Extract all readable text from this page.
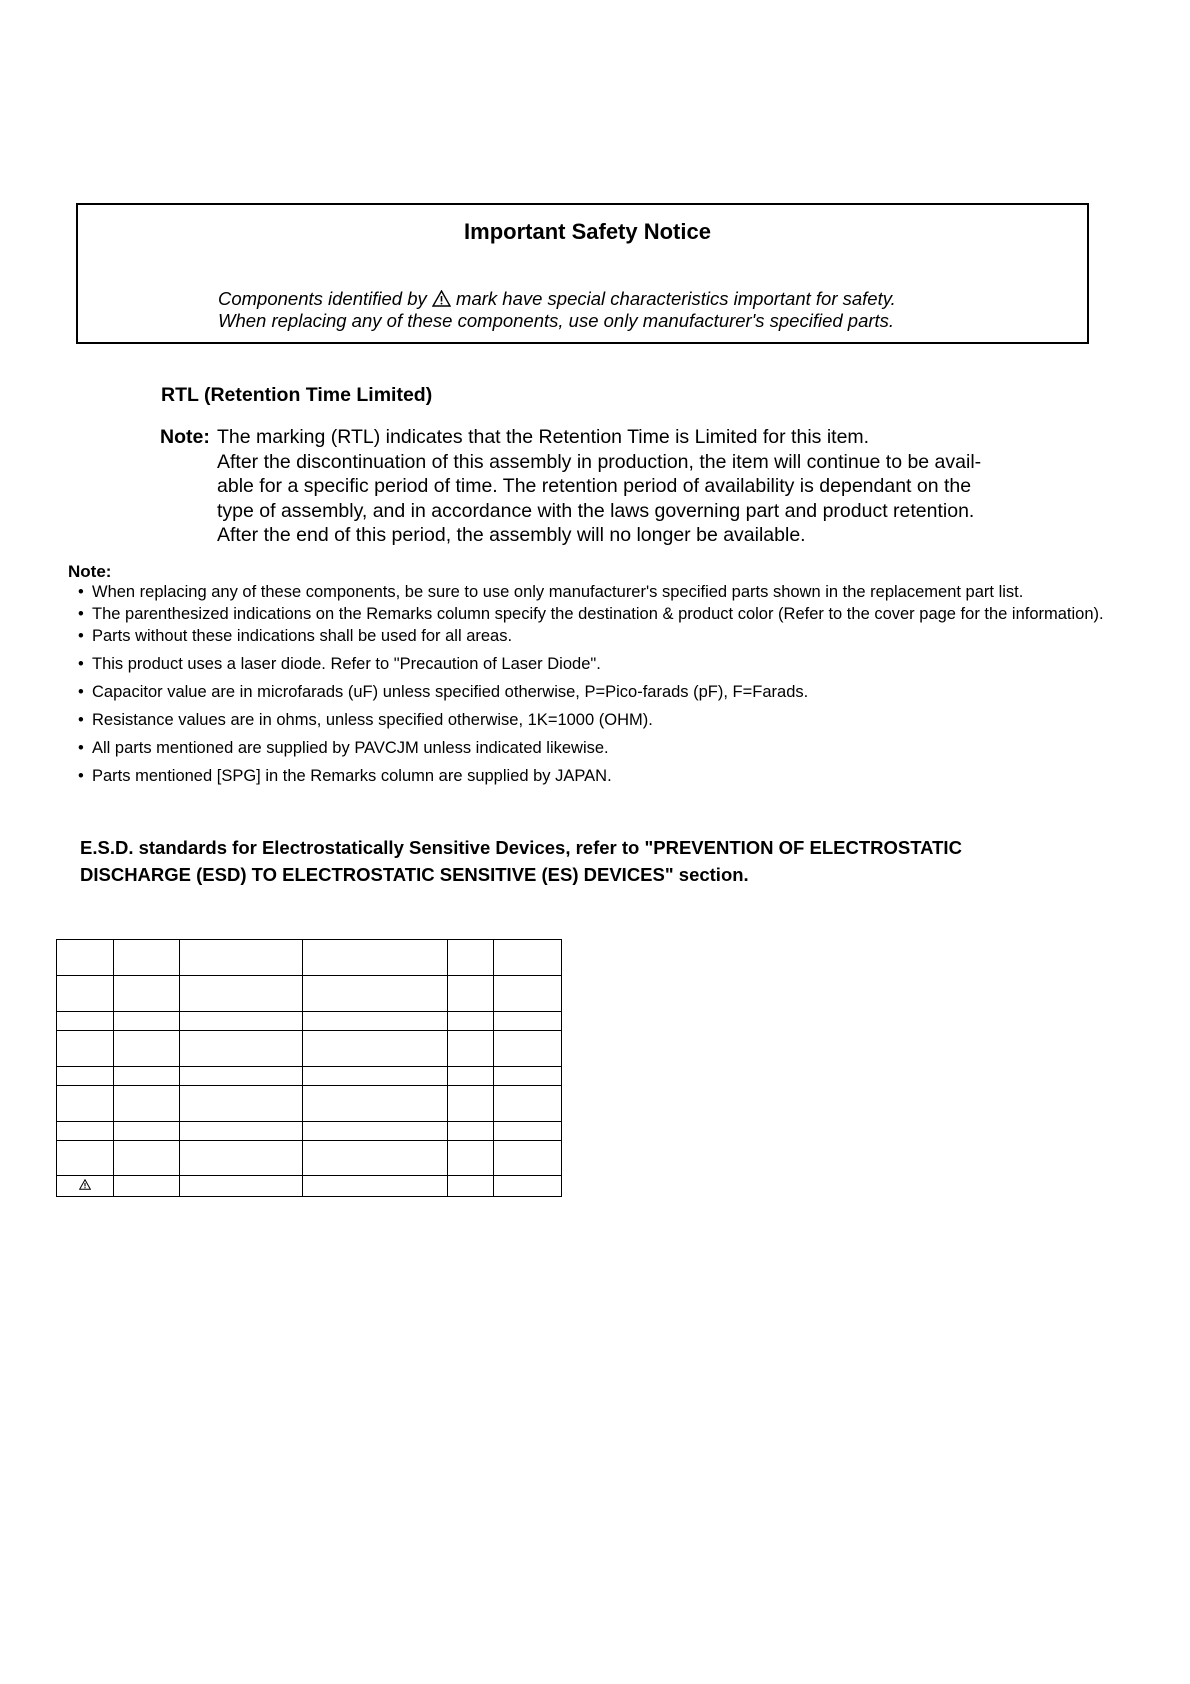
Important Safety Notice
Components identified by  mark have special characteristics important for safety.
When replacing any of these components, use only manufacturer's specified parts.
RTL (Retention Time Limited)
Note: The marking (RTL) indicates that the Retention Time is Limited for this item.
After the discontinuation of this assembly in production, the item will continue to be avail-
able for a specific period of time. The retention period of availability is dependant on the
type of assembly, and in accordance with the laws governing part and product retention.
After the end of this period, the assembly will no longer be available.
Note:
• When replacing any of these components, be sure to use only manufacturer's specified parts shown in the replacement part list.
• The parenthesized indications on the Remarks column specify the destination & product color (Refer to the cover page for the information).
• Parts without these indications shall be used for all areas.
• This product uses a laser diode. Refer to "Precaution of Laser Diode".
• Capacitor value are in microfarads (uF) unless specified otherwise, P=Pico-farads (pF), F=Farads.
• Resistance values are in ohms, unless specified otherwise, 1K=1000 (OHM).
• All parts mentioned are supplied by PAVCJM unless indicated likewise.
• Parts mentioned [SPG] in the Remarks column are supplied by JAPAN.
E.S.D. standards for Electrostatically Sensitive Devices, refer to "PREVENTION OF ELECTROSTATIC
DISCHARGE (ESD) TO ELECTROSTATIC SENSITIVE (ES) DEVICES" section.
